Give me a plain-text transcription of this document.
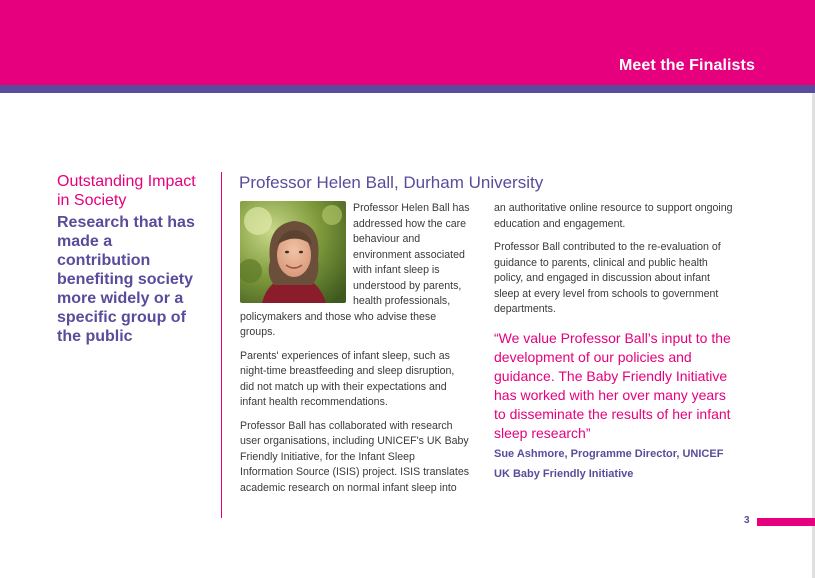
Meet the Finalists
Outstanding Impact in Society
Research that has made a contribution benefiting society more widely or a specific group of the public
Professor Helen Ball, Durham University

Professor Helen Ball has addressed how the care behaviour and environment associated with infant sleep is understood by parents, health professionals, policymakers and those who advise these groups.

Parents' experiences of infant sleep, such as night-time breastfeeding and sleep disruption, did not match up with their expectations and infant health recommendations.

Professor Ball has collaborated with research user organisations, including UNICEF's UK Baby Friendly Initiative, for the Infant Sleep Information Source (ISIS) project. ISIS translates academic research on normal infant sleep into

an authoritative online resource to support ongoing education and engagement.

Professor Ball contributed to the re-evaluation of guidance to parents, clinical and public health policy, and engaged in discussion about infant sleep at every level from schools to government departments.

“We value Professor Ball’s input to the development of our policies and guidance. The Baby Friendly Initiative has worked with her over many years to disseminate the results of her infant sleep research”
Sue Ashmore, Programme Director, UNICEF UK Baby Friendly Initiative
3
